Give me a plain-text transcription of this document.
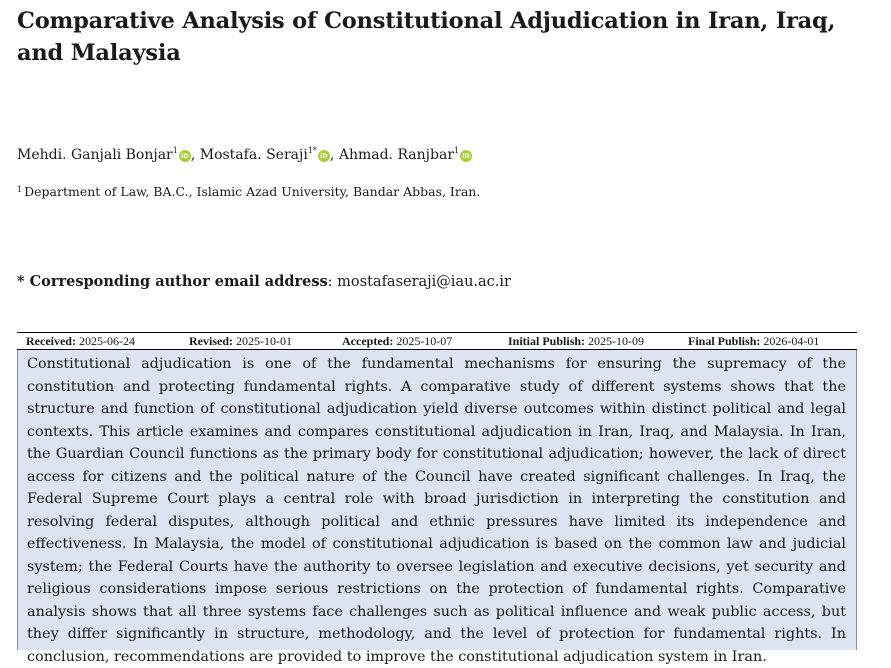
Comparative Analysis of Constitutional Adjudication in Iran, Iraq, and Malaysia
Mehdi. Ganjali Bonjar$^1$iD , Mostafa. Seraji$^{1*}$iD , Ahmad. Ranjbar$^1$iD
$^1$ Department of Law, BA.C., Islamic Azad University, Bandar Abbas, Iran.
* Corresponding author email address: mostafaseraji@iau.ac.ir
Received: 2025-06-24	Revised: 2025-10-01	Accepted: 2025-10-07	Initial Publish: 2025-10-09	Final Publish: 2026-04-01
Constitutional adjudication is one of the fundamental mechanisms for ensuring the supremacy of the constitution and protecting fundamental rights. A comparative study of different systems shows that the structure and function of constitutional adjudication yield diverse outcomes within distinct political and legal contexts. This article examines and compares constitutional adjudication in Iran, Iraq, and Malaysia. In Iran, the Guardian Council functions as the primary body for constitutional adjudication; however, the lack of direct access for citizens and the political nature of the Council have created significant challenges. In Iraq, the Federal Supreme Court plays a central role with broad jurisdiction in interpreting the constitution and resolving federal disputes, although political and ethnic pressures have limited its independence and effectiveness. In Malaysia, the model of constitutional adjudication is based on the common law and judicial system; the Federal Courts have the authority to oversee legislation and executive decisions, yet security and religious considerations impose serious restrictions on the protection of fundamental rights. Comparative analysis shows that all three systems face challenges such as political influence and weak public access, but they differ significantly in structure, methodology, and the level of protection for fundamental rights. In conclusion, recommendations are provided to improve the constitutional adjudication system in Iran.
